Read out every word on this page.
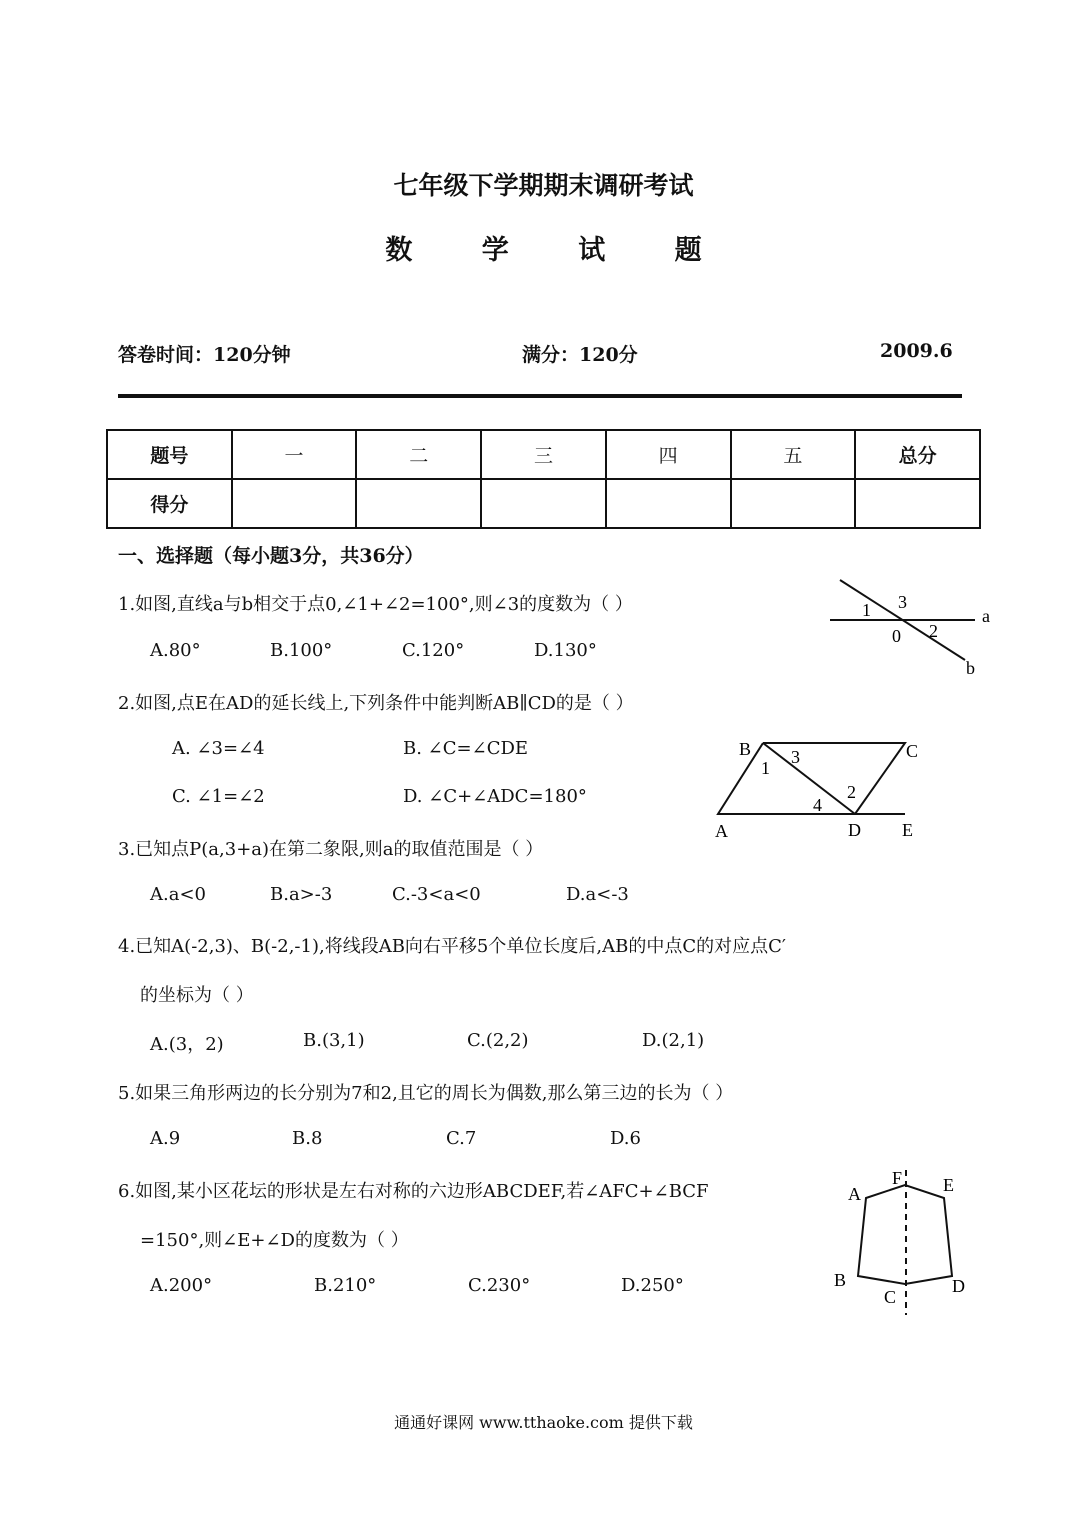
七年级下学期期末调研考试
数 学 试 题
答卷时间：120分钟	满分：120分	2009.6
题号	一	二	三	四	五	总分
得分						
一、选择题（每小题3分，共36分）
1.如图,直线a与b相交于点0,∠1+∠2=100°,则∠3的度数为（ ）
A.80°	B.100°	C.120°	D.130°
2.如图,点E在AD的延长线上,下列条件中能判断AB∥CD的是（ ）
A. ∠3=∠4	B. ∠C=∠CDE
C. ∠1=∠2	D. ∠C+∠ADC=180°
3.已知点P(a,3+a)在第二象限,则a的取值范围是（ ）
A.a<0	B.a>-3	C.-3<a<0	D.a<-3
4.已知A(-2,3)、B(-2,-1),将线段AB向右平移5个单位长度后,AB的中点C的对应点C′
的坐标为（ ）
A.(3，2)	B.(3,1)	C.(2,2)	D.(2,1)
5.如果三角形两边的长分别为7和2,且它的周长为偶数,那么第三边的长为（ ）
A.9	B.8	C.7	D.6
6.如图,某小区花坛的形状是左右对称的六边形ABCDEF,若∠AFC+∠BCF
=150°,则∠E+∠D的度数为（ ）
A.200°	B.210°	C.230°	D.250°
3
1	a
0 2
b
B	C
3
1
2
4
A	D E
F E
A
B
C
D
通通好课网 www.tthaoke.com 提供下载
